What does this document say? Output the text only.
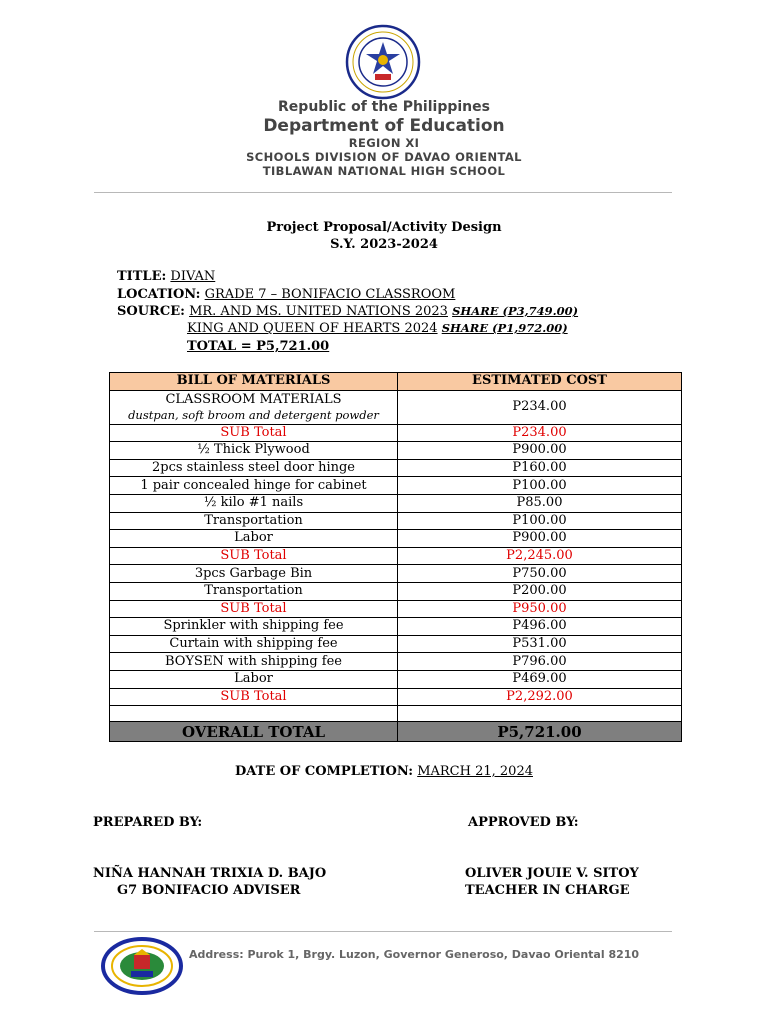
Republic of the Philippines
Department of Education
REGION XI
SCHOOLS DIVISION OF DAVAO ORIENTAL
TIBLAWAN NATIONAL HIGH SCHOOL
Project Proposal/Activity Design
S.Y. 2023-2024
TITLE: DIVAN
LOCATION: GRADE 7 – BONIFACIO CLASSROOM
SOURCE: MR. AND MS. UNITED NATIONS 2023 SHARE (P3,749.00)
KING AND QUEEN OF HEARTS 2024 SHARE (P1,972.00)
TOTAL = P5,721.00
BILL OF MATERIALS	ESTIMATED COST

CLASSROOM MATERIALS
dustpan, soft broom and detergent powder	P234.00
SUB Total	P234.00
½ Thick Plywood	P900.00
2pcs stainless steel door hinge	P160.00
1 pair concealed hinge for cabinet	P100.00
½ kilo #1 nails	P85.00
Transportation	P100.00
Labor	P900.00
SUB Total	P2,245.00
3pcs Garbage Bin	P750.00
Transportation	P200.00
SUB Total	P950.00
Sprinkler with shipping fee	P496.00
Curtain with shipping fee	P531.00
BOYSEN with shipping fee	P796.00
Labor	P469.00
SUB Total	P2,292.00

OVERALL TOTAL	P5,721.00
DATE OF COMPLETION: MARCH 21, 2024
PREPARED BY:	APPROVED BY:
NIÑA HANNAH TRIXIA D. BAJO
G7 BONIFACIO ADVISER
OLIVER JOUIE V. SITOY
TEACHER IN CHARGE
Address: Purok 1, Brgy. Luzon, Governor Generoso, Davao Oriental 8210
